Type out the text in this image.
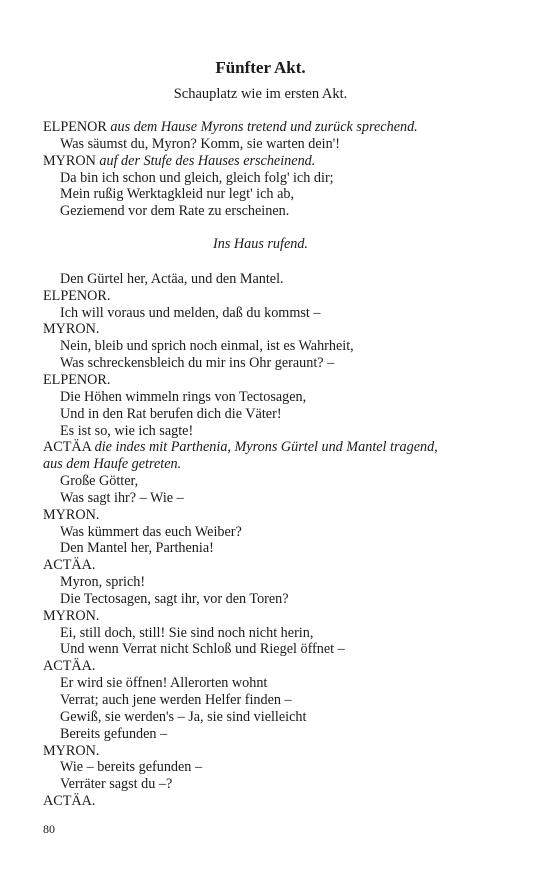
Fünfter Akt.
Schauplatz wie im ersten Akt.
ELPENOR aus dem Hause Myrons tretend und zurück sprechend.
Was säumst du, Myron? Komm, sie warten dein'!
MYRON auf der Stufe des Hauses erscheinend.
Da bin ich schon und gleich, gleich folg' ich dir;
Mein rußig Werktagkleid nur legt' ich ab,
Geziemend vor dem Rate zu erscheinen.
Ins Haus rufend.
Den Gürtel her, Actäa, und den Mantel.
ELPENOR.
Ich will voraus und melden, daß du kommst –
MYRON.
Nein, bleib und sprich noch einmal, ist es Wahrheit,
Was schreckensbleich du mir ins Ohr geraunt? –
ELPENOR.
Die Höhen wimmeln rings von Tectosagen,
Und in den Rat berufen dich die Väter!
Es ist so, wie ich sagte!
ACTÄA die indes mit Parthenia, Myrons Gürtel und Mantel tragend,
aus dem Haufe getreten.
Große Götter,
Was sagt ihr? – Wie –
MYRON.
Was kümmert das euch Weiber?
Den Mantel her, Parthenia!
ACTÄA.
Myron, sprich!
Die Tectosagen, sagt ihr, vor den Toren?
MYRON.
Ei, still doch, still! Sie sind noch nicht herin,
Und wenn Verrat nicht Schloß und Riegel öffnet –
ACTÄA.
Er wird sie öffnen! Allerorten wohnt
Verrat; auch jene werden Helfer finden –
Gewiß, sie werden's – Ja, sie sind vielleicht
Bereits gefunden –
MYRON.
Wie – bereits gefunden –
Verräter sagst du –?
ACTÄA.
80
